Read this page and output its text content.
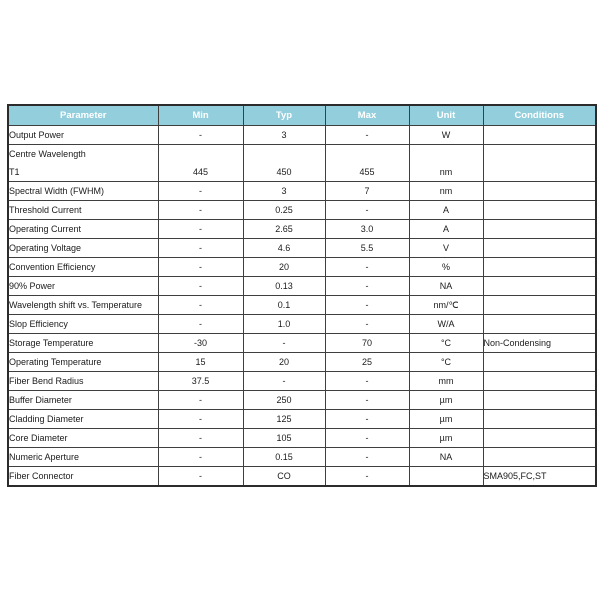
Parameter	Min	Typ	Max	Unit	Conditions
Output Power	-	3	-	W	

Centre Wavelength
T1	445	450	455	nm	
Spectral Width (FWHM)	-	3	7	nm	
Threshold Current	-	0.25	-	A	
Operating Current	-	2.65	3.0	A	
Operating Voltage	-	4.6	5.5	V	
Convention Efficiency	-	20	-	%	
90% Power	-	0.13	-	NA	
Wavelength shift vs. Temperature	-	0.1	-	nm/℃	
Slop Efficiency	-	1.0	-	W/A	
Storage Temperature	-30	-	70	°C	Non-Condensing
Operating Temperature	15	20	25	°C	
Fiber Bend Radius	37.5	-	-	mm	
Buffer Diameter	-	250	-	µm	
Cladding Diameter	-	125	-	µm	
Core Diameter	-	105	-	µm	
Numeric Aperture	-	0.15	-	NA	
Fiber Connector	-	CO	-		SMA905,FC,ST
